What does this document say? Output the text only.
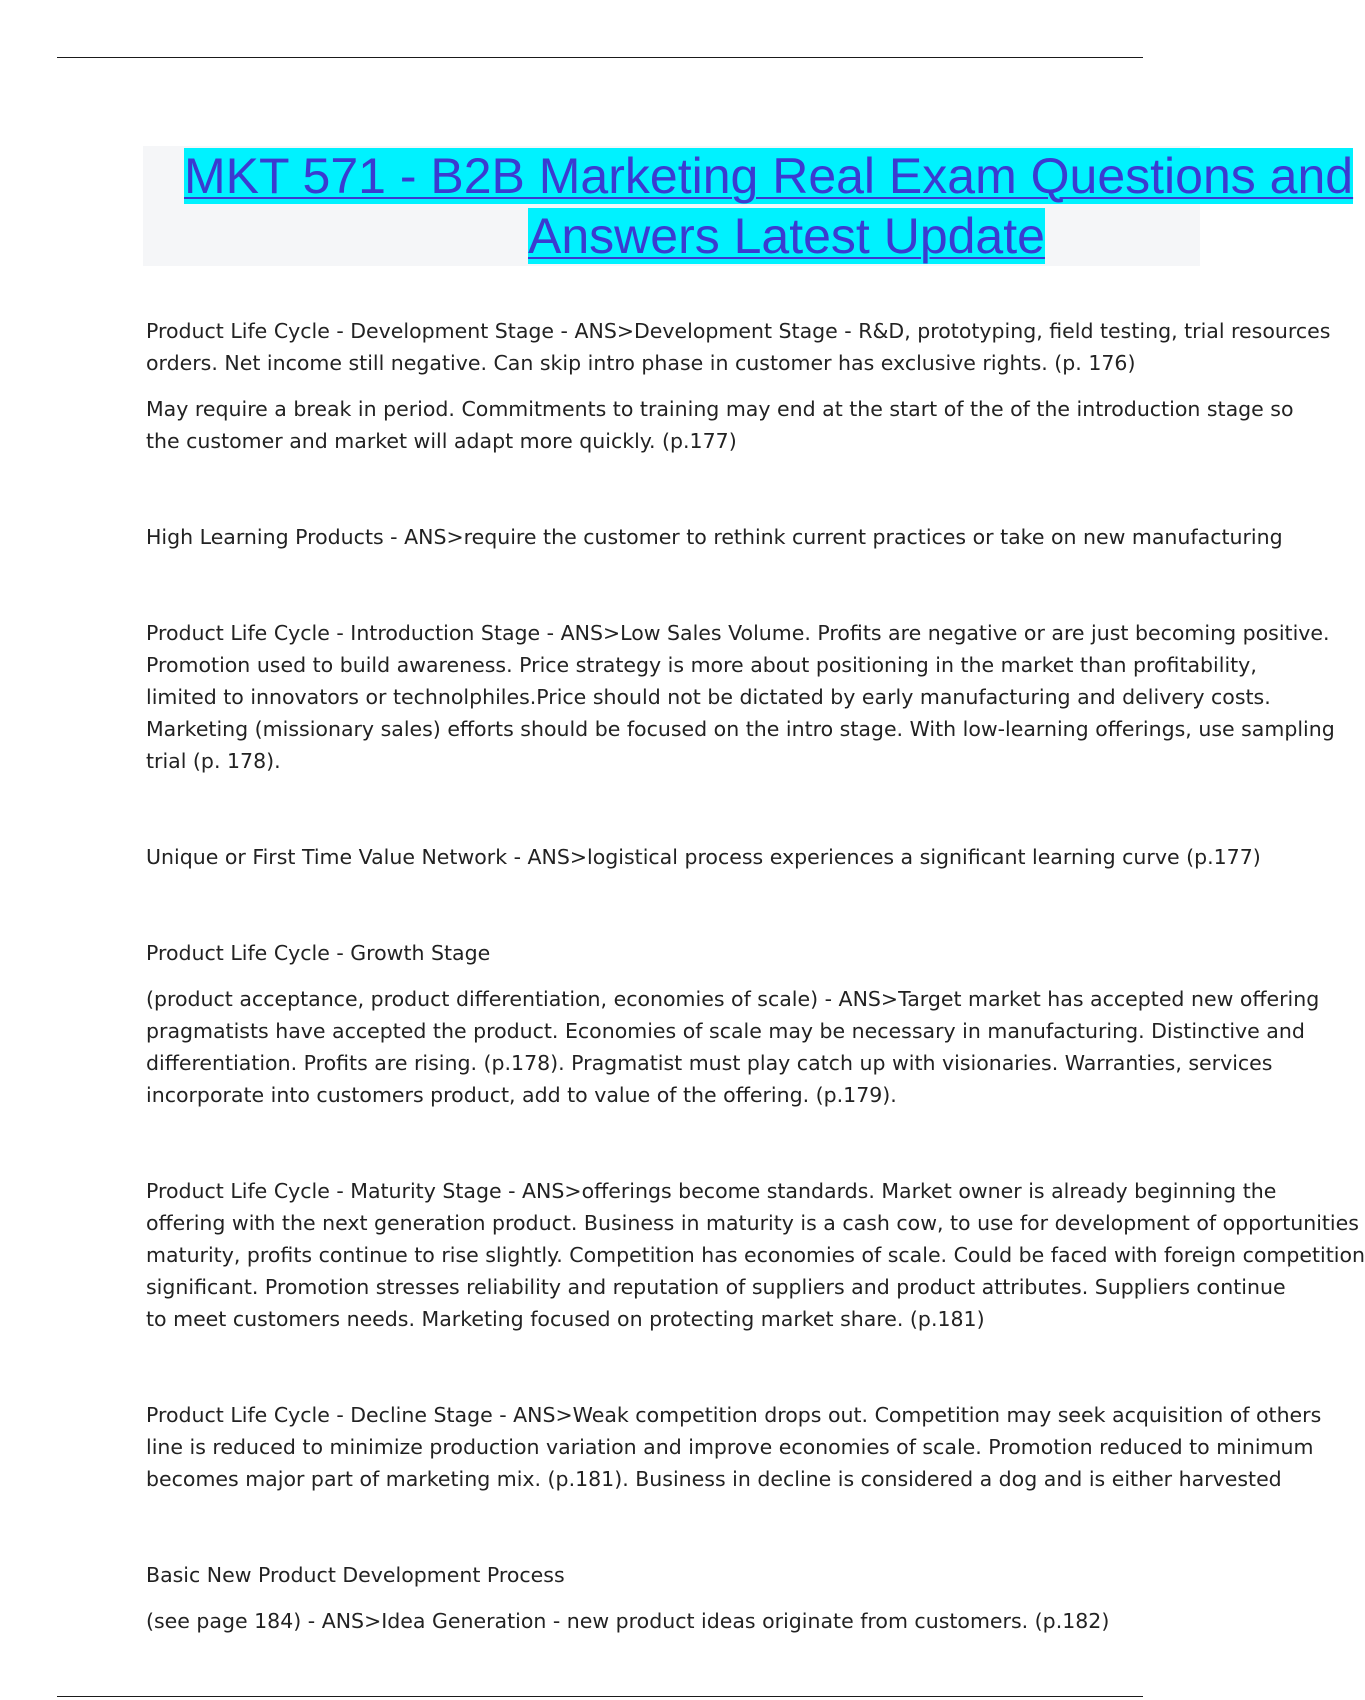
MKT 571 - B2B Marketing Real Exam Questions and
Answers Latest Update

Product Life Cycle - Development Stage - ANS>Development Stage - R&D, prototyping, field testing, trial resources
orders. Net income still negative. Can skip intro phase in customer has exclusive rights. (p. 176)

May require a break in period. Commitments to training may end at the start of the of the introduction stage so
the customer and market will adapt more quickly. (p.177)

High Learning Products - ANS>require the customer to rethink current practices or take on new manufacturing

Product Life Cycle - Introduction Stage - ANS>Low Sales Volume. Profits are negative or are just becoming positive.
Promotion used to build awareness. Price strategy is more about positioning in the market than profitability,
limited to innovators or technolphiles.Price should not be dictated by early manufacturing and delivery costs.
Marketing (missionary sales) efforts should be focused on the intro stage. With low-learning offerings, use sampling
trial (p. 178).

Unique or First Time Value Network - ANS>logistical process experiences a significant learning curve (p.177)

Product Life Cycle - Growth Stage

(product acceptance, product differentiation, economies of scale) - ANS>Target market has accepted new offering
pragmatists have accepted the product. Economies of scale may be necessary in manufacturing. Distinctive and
differentiation. Profits are rising. (p.178). Pragmatist must play catch up with visionaries. Warranties, services
incorporate into customers product, add to value of the offering. (p.179).

Product Life Cycle - Maturity Stage - ANS>offerings become standards. Market owner is already beginning the
offering with the next generation product. Business in maturity is a cash cow, to use for development of opportunities
maturity, profits continue to rise slightly. Competition has economies of scale. Could be faced with foreign competition
significant. Promotion stresses reliability and reputation of suppliers and product attributes. Suppliers continue
to meet customers needs. Marketing focused on protecting market share. (p.181)

Product Life Cycle - Decline Stage - ANS>Weak competition drops out. Competition may seek acquisition of others
line is reduced to minimize production variation and improve economies of scale. Promotion reduced to minimum
becomes major part of marketing mix. (p.181). Business in decline is considered a dog and is either harvested

Basic New Product Development Process

(see page 184) - ANS>Idea Generation - new product ideas originate from customers. (p.182)
